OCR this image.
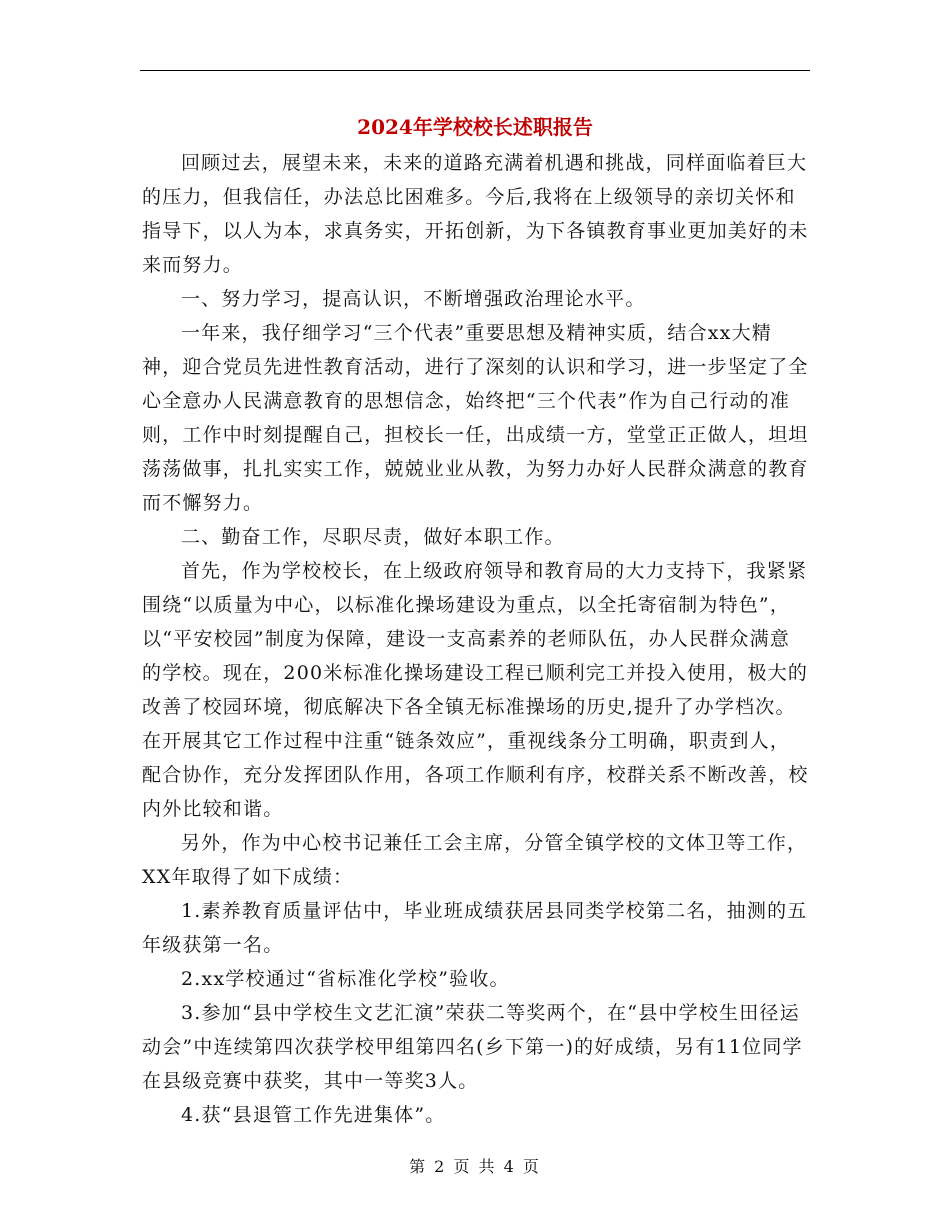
2024年学校校长述职报告

回顾过去，展望未来，未来的道路充满着机遇和挑战，同样面临着巨大的压力，但我信任，办法总比困难多。今后,我将在上级领导的亲切关怀和指导下，以人为本，求真务实，开拓创新，为下各镇教育事业更加美好的未来而努力。

一、努力学习，提高认识，不断增强政治理论水平。

一年来，我仔细学习“三个代表”重要思想及精神实质，结合xx大精神，迎合党员先进性教育活动，进行了深刻的认识和学习，进一步坚定了全心全意办人民满意教育的思想信念，始终把“三个代表”作为自己行动的准则，工作中时刻提醒自己，担校长一任，出成绩一方，堂堂正正做人，坦坦荡荡做事，扎扎实实工作，兢兢业业从教，为努力办好人民群众满意的教育而不懈努力。

二、勤奋工作，尽职尽责，做好本职工作。

首先，作为学校校长，在上级政府领导和教育局的大力支持下，我紧紧围绕“以质量为中心，以标准化操场建设为重点，以全托寄宿制为特色”，以“平安校园”制度为保障，建设一支高素养的老师队伍，办人民群众满意的学校。现在，200米标准化操场建设工程已顺利完工并投入使用，极大的改善了校园环境，彻底解决下各全镇无标准操场的历史,提升了办学档次。在开展其它工作过程中注重“链条效应”，重视线条分工明确，职责到人，配合协作，充分发挥团队作用，各项工作顺利有序，校群关系不断改善，校内外比较和谐。

另外，作为中心校书记兼任工会主席，分管全镇学校的文体卫等工作，XX年取得了如下成绩：

1.素养教育质量评估中，毕业班成绩获居县同类学校第二名，抽测的五年级获第一名。

2.xx学校通过“省标准化学校”验收。

3.参加“县中学校生文艺汇演”荣获二等奖两个，在“县中学校生田径运动会”中连续第四次获学校甲组第四名(乡下第一)的好成绩，另有11位同学在县级竞赛中获奖，其中一等奖3人。

4.获“县退管工作先进集体”。

第 2 页 共 4 页
